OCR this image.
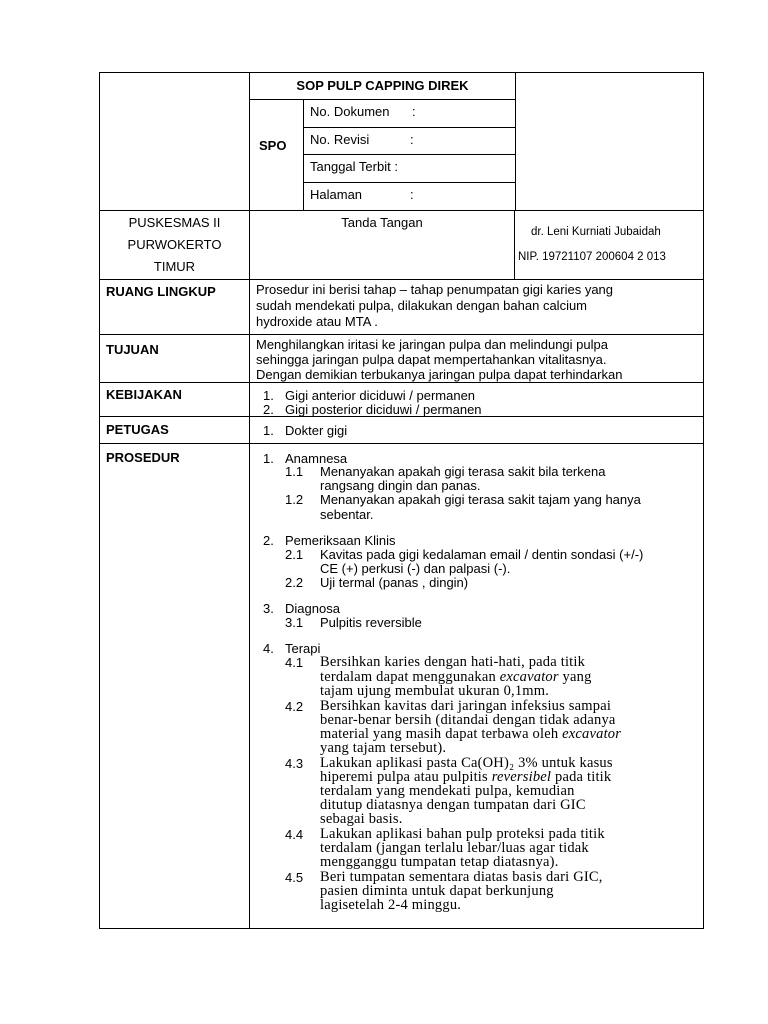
SOP PULP CAPPING DIREK
SPO
No. Dokumen :
No. Revisi	:
Tanggal Terbit :
Halaman	:
PUSKESMAS II
PURWOKERTO
TIMUR
Tanda Tangan
dr. Leni Kurniati Jubaidah
NIP. 19721107 200604 2 013
RUANG LINGKUP	Prosedur ini berisi tahap – tahap penumpatan gigi karies yang
sudah mendekati pulpa, dilakukan dengan bahan calcium
hydroxide atau MTA .
TUJUAN	Menghilangkan iritasi ke jaringan pulpa dan melindungi pulpa
sehingga jaringan pulpa dapat mempertahankan vitalitasnya.
Dengan demikian terbukanya jaringan pulpa dapat terhindarkan
KEBIJAKAN	1. Gigi anterior diciduwi / permanen
2. Gigi posterior diciduwi / permanen
PETUGAS	1. Dokter gigi
PROSEDUR	1. Anamnesa
1.1 Menanyakan apakah gigi terasa sakit bila terkena
rangsang dingin dan panas.
1.2 Menanyakan apakah gigi terasa sakit tajam yang hanya
sebentar.
2. Pemeriksaan Klinis
2.1 Kavitas pada gigi kedalaman email / dentin sondasi (+/-)
CE (+) perkusi (-) dan palpasi (-).
2.2 Uji termal (panas , dingin)
3. Diagnosa
3.1 Pulpitis reversible
4. Terapi
4.1 Bersihkan karies dengan hati-hati, pada titik
terdalam dapat menggunakan excavator yang
tajam ujung membulat ukuran 0,1mm.
4.2 Bersihkan kavitas dari jaringan infeksius sampai
benar-benar bersih (ditandai dengan tidak adanya
material yang masih dapat terbawa oleh excavator
yang tajam tersebut).
4.3 Lakukan aplikasi pasta Ca(OH)₂ 3% untuk kasus
hiperemi pulpa atau pulpitis reversibel pada titik
terdalam yang mendekati pulpa, kemudian
ditutup diatasnya dengan tumpatan dari GIC
sebagai basis.
4.4 Lakukan aplikasi bahan pulp proteksi pada titik
terdalam (jangan terlalu lebar/luas agar tidak
mengganggu tumpatan tetap diatasnya).
4.5 Beri tumpatan sementara diatas basis dari GIC,
pasien diminta untuk dapat berkunjung
lagisetelah 2-4 minggu.
